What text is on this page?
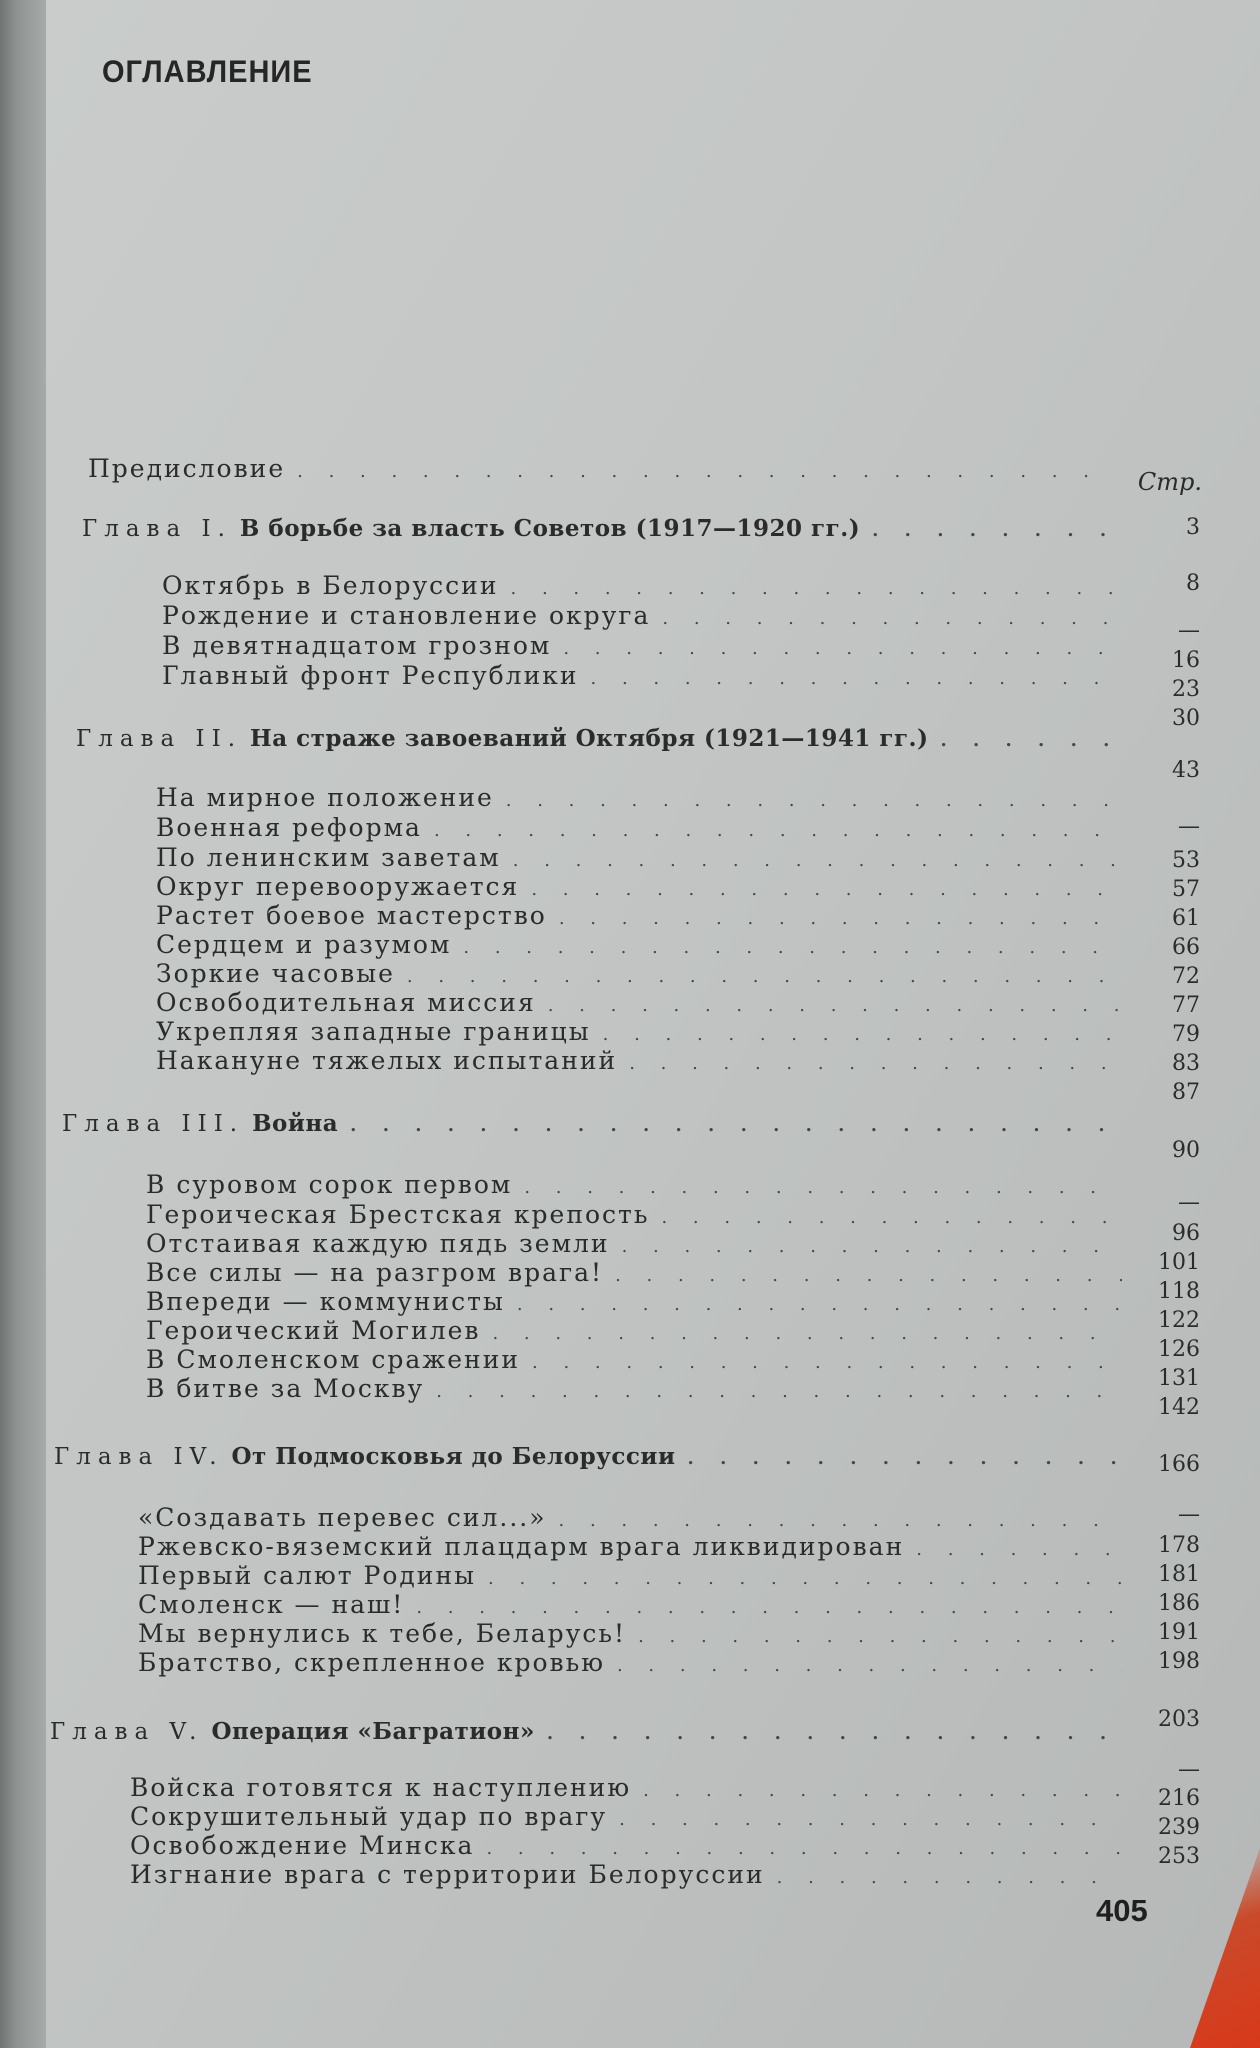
ОГЛАВЛЕНИЕ
Предисловие
. . .	Стр.
Глава I. В борьбе за власть Советов (1917—1920 гг.)
. . .
Октябрь в Белоруссии
. . .
Рождение и становление округа
. . .
В девятнадцатом грозном
. . .
Главный фронт Республики
. . .
Глава II. На страже завоеваний Октября (1921—1941 гг.)
. . .
На мирное положение
. . .
Военная реформа
. . .
По ленинским заветам
. . .
Округ перевооружается
. . .
Растет боевое мастерство
. . .
Сердцем и разумом
. . .
Зоркие часовые
. . .
Освободительная миссия
. . .
Укрепляя западные границы
. . .
Накануне тяжелых испытаний
. . .
Глава III. Война
. . .
В суровом сорок первом
. . .
Героическая Брестская крепость
. . .
Отстаивая каждую пядь земли
. . .
Все силы — на разгром врага!
. . .
Впереди — коммунисты
. . .
Героический Могилев
. . .
В Смоленском сражении
. . .
В битве за Москву
. . .
Глава IV. От Подмосковья до Белоруссии
. . .
«Создавать перевес сил...»
. . .
Ржевско-вяземский плацдарм врага ликвидирован
. . .
Первый салют Родины
. . .
Смоленск — наш!
. . .
Мы вернулись к тебе, Беларусь!
. . .
Братство, скрепленное кровью
. . .
Глава V. Операция «Багратион»
. . .
Войска готовятся к наступлению
. . .
Сокрушительный удар по врагу
. . .
Освобождение Минска
. . .
Изгнание врага с территории Белоруссии
. . .
3
8
—
16
23
30
43
—
53
57
61
66
72
77
79
83
87
90
—
96
101
118
122
126
131
142
166
—
178
181
186
191
198
203
—
216
239
253
405
